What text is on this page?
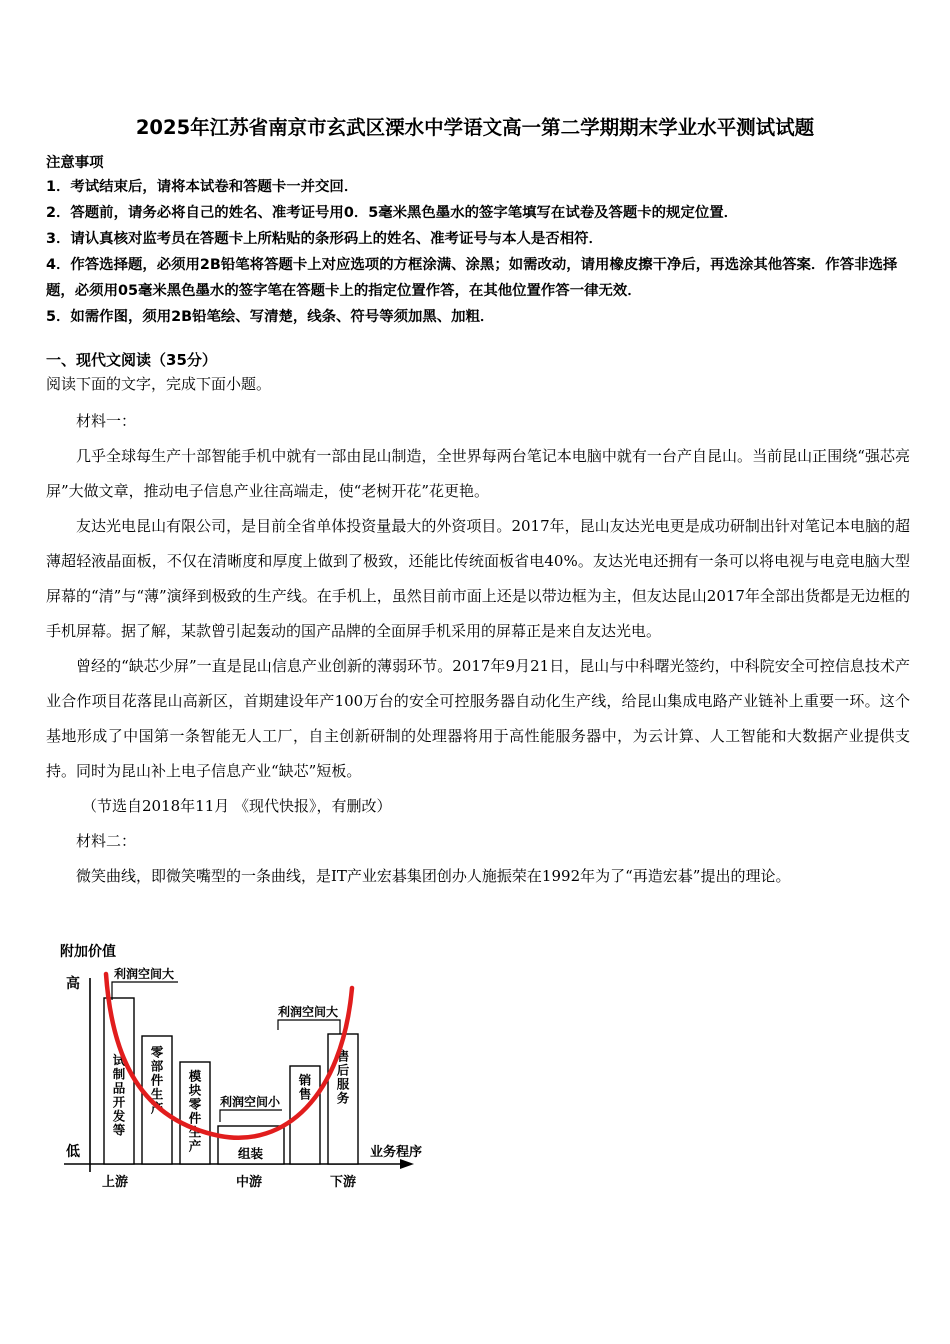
2025年江苏省南京市玄武区溧水中学语文高一第二学期期末学业水平测试试题
注意事项
1．考试结束后，请将本试卷和答题卡一并交回．
2．答题前，请务必将自己的姓名、准考证号用0．5毫米黑色墨水的签字笔填写在试卷及答题卡的规定位置．
3．请认真核对监考员在答题卡上所粘贴的条形码上的姓名、准考证号与本人是否相符．
4．作答选择题，必须用2B铅笔将答题卡上对应选项的方框涂满、涂黑；如需改动，请用橡皮擦干净后，再选涂其他答案．作答非选择题，必须用05毫米黑色墨水的签字笔在答题卡上的指定位置作答，在其他位置作答一律无效．
5．如需作图，须用2B铅笔绘、写清楚，线条、符号等须加黑、加粗．
一、现代文阅读（35分）
阅读下面的文字，完成下面小题。

材料一：

几乎全球每生产十部智能手机中就有一部由昆山制造，全世界每两台笔记本电脑中就有一台产自昆山。当前昆山正围绕“强芯亮屏”大做文章，推动电子信息产业往高端走，使“老树开花”花更艳。

友达光电昆山有限公司，是目前全省单体投资量最大的外资项目。2017年，昆山友达光电更是成功研制出针对笔记本电脑的超薄超轻液晶面板，不仅在清晰度和厚度上做到了极致，还能比传统面板省电40%。友达光电还拥有一条可以将电视与电竞电脑大型屏幕的“清”与“薄”演绎到极致的生产线。在手机上，虽然目前市面上还是以带边框为主，但友达昆山2017年全部出货都是无边框的手机屏幕。据了解，某款曾引起轰动的国产品牌的全面屏手机采用的屏幕正是来自友达光电。

曾经的“缺芯少屏”一直是昆山信息产业创新的薄弱环节。2017年9月21日，昆山与中科曙光签约，中科院安全可控信息技术产业合作项目花落昆山高新区，首期建设年产100万台的安全可控服务器自动化生产线，给昆山集成电路产业链补上重要一环。这个基地形成了中国第一条智能无人工厂，自主创新研制的处理器将用于高性能服务器中，为云计算、人工智能和大数据产业提供支持。同时为昆山补上电子信息产业“缺芯”短板。

（节选自2018年11月 《现代快报》，有删改）

材料二：

微笑曲线，即微笑嘴型的一条曲线，是IT产业宏碁集团创办人施振荣在1992年为了“再造宏碁”提出的理论。

附加价值
高
低	业务程序
上游	中游	下游
试制品开发等
零部件生产
模块零件生产	组装
销售
售后服务
利润空间大
利润空间小
利润空间大
